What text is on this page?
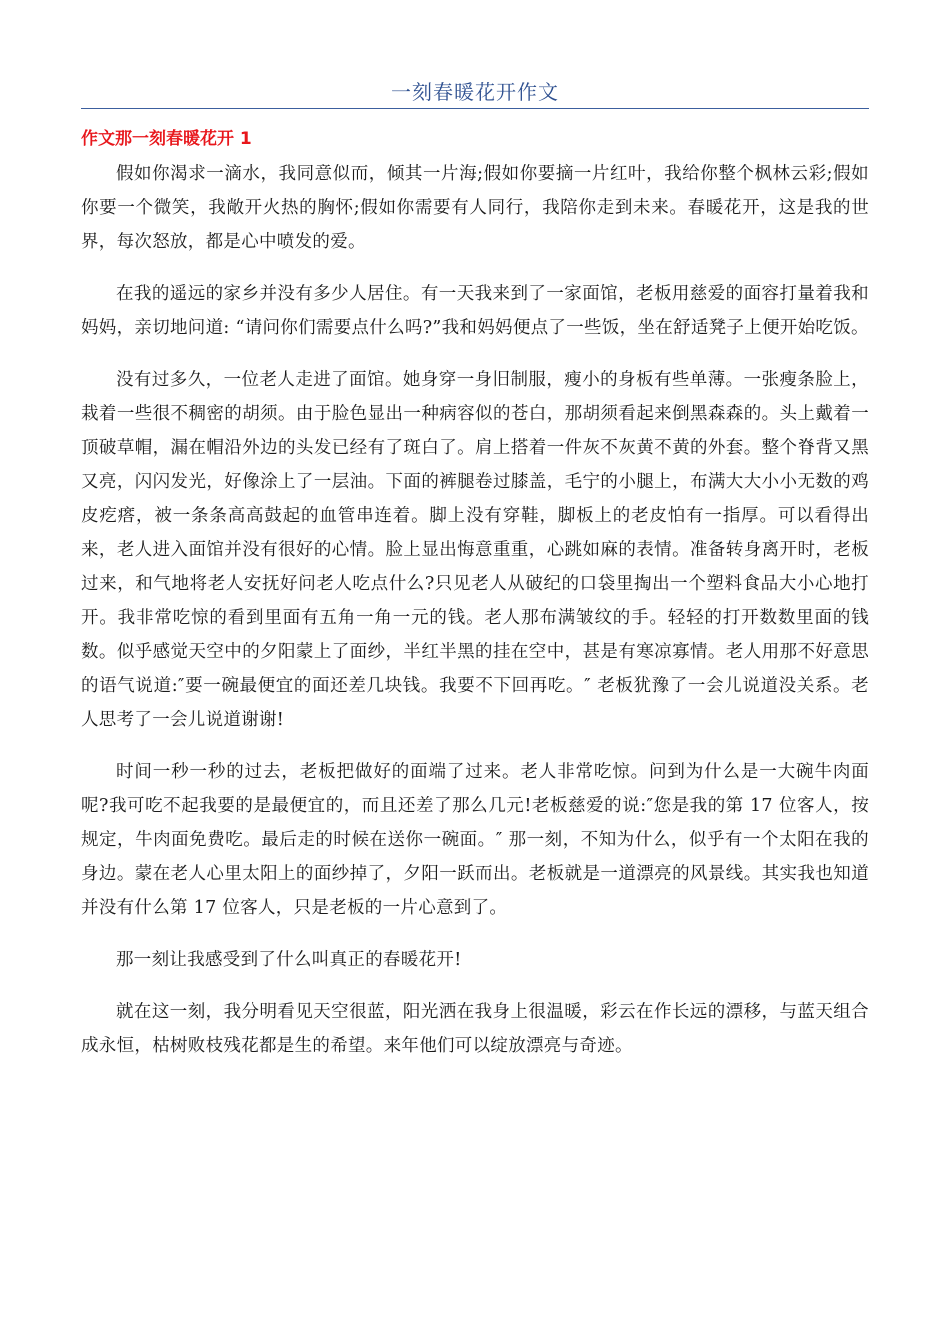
一刻春暖花开作文
作文那一刻春暖花开 1

假如你渴求一滴水，我同意似而，倾其一片海;假如你要摘一片红叶，我给你整个枫林云彩;假如你要一个微笑，我敞开火热的胸怀;假如你需要有人同行，我陪你走到未来。春暖花开，这是我的世界，每次怒放，都是心中喷发的爱。

在我的遥远的家乡并没有多少人居住。有一天我来到了一家面馆，老板用慈爱的面容打量着我和妈妈，亲切地问道: “请问你们需要点什么吗?”我和妈妈便点了一些饭，坐在舒适凳子上便开始吃饭。

没有过多久，一位老人走进了面馆。她身穿一身旧制服，瘦小的身板有些单薄。一张瘦条脸上，栽着一些很不稠密的胡须。由于脸色显出一种病容似的苍白，那胡须看起来倒黑森森的。头上戴着一顶破草帽，漏在帽沿外边的头发已经有了斑白了。肩上搭着一件灰不灰黄不黄的外套。整个脊背又黑又亮，闪闪发光，好像涂上了一层油。下面的裤腿卷过膝盖，毛宁的小腿上，布满大大小小无数的鸡皮疙瘩，被一条条高高鼓起的血管串连着。脚上没有穿鞋，脚板上的老皮怕有一指厚。可以看得出来，老人进入面馆并没有很好的心情。脸上显出悔意重重，心跳如麻的表情。准备转身离开时，老板过来，和气地将老人安抚好问老人吃点什么?只见老人从破纪的口袋里掏出一个塑料食品大小心地打开。我非常吃惊的看到里面有五角一角一元的钱。老人那布满皱纹的手。轻轻的打开数数里面的钱数。似乎感觉天空中的夕阳蒙上了面纱，半红半黑的挂在空中，甚是有寒凉寡情。老人用那不好意思的语气说道:″要一碗最便宜的面还差几块钱。我要不下回再吃。″ 老板犹豫了一会儿说道没关系。老人思考了一会儿说道谢谢!

时间一秒一秒的过去，老板把做好的面端了过来。老人非常吃惊。问到为什么是一大碗牛肉面呢?我可吃不起我要的是最便宜的，而且还差了那么几元!老板慈爱的说:″您是我的第 17 位客人，按规定，牛肉面免费吃。最后走的时候在送你一碗面。″ 那一刻，不知为什么，似乎有一个太阳在我的身边。蒙在老人心里太阳上的面纱掉了，夕阳一跃而出。老板就是一道漂亮的风景线。其实我也知道并没有什么第 17 位客人，只是老板的一片心意到了。

那一刻让我感受到了什么叫真正的春暖花开!

就在这一刻，我分明看见天空很蓝，阳光洒在我身上很温暖，彩云在作长远的漂移，与蓝天组合成永恒，枯树败枝残花都是生的希望。来年他们可以绽放漂亮与奇迹。
